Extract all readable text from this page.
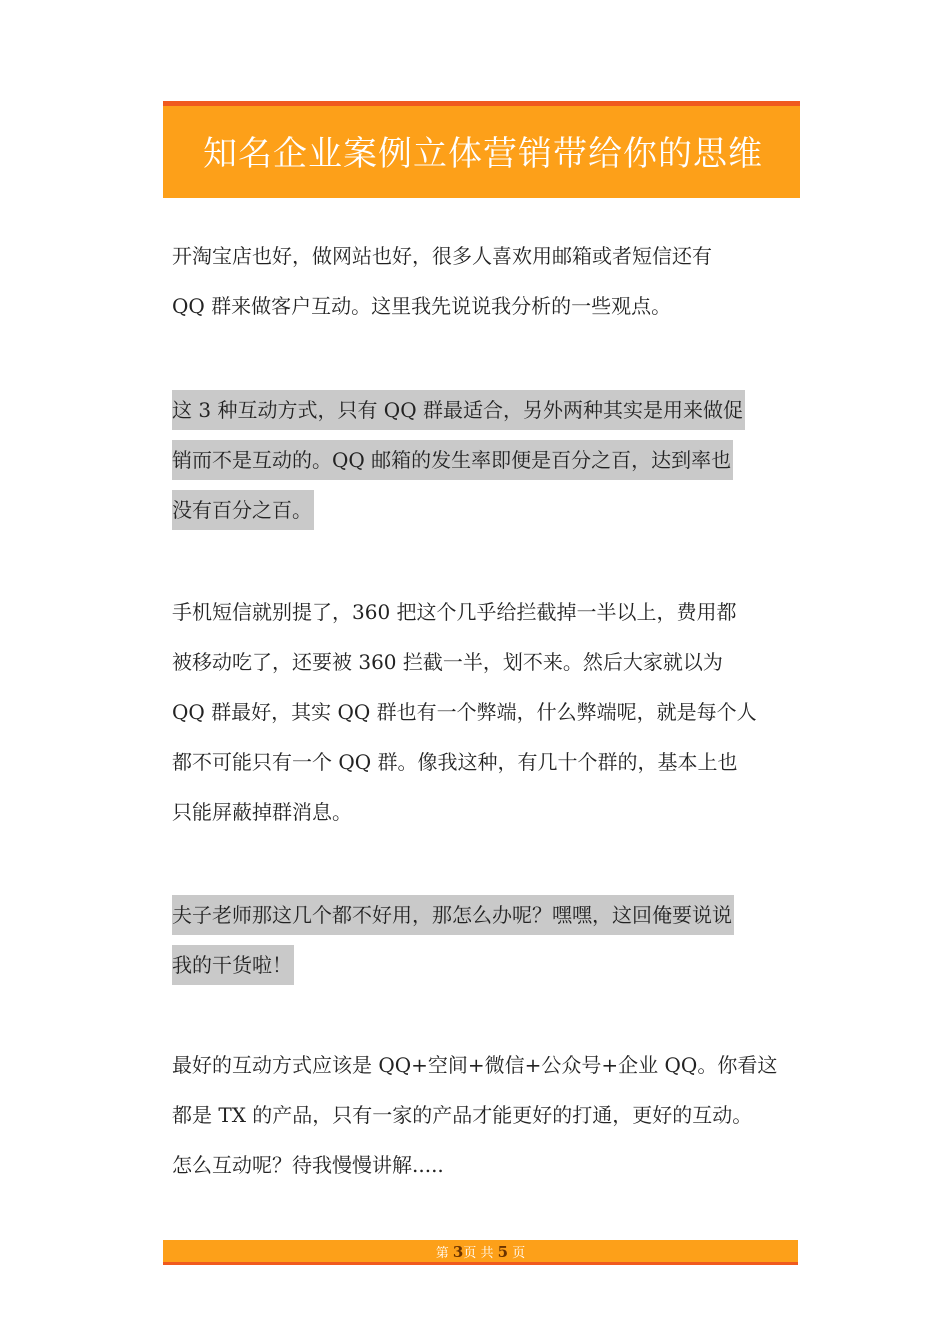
知名企业案例立体营销带给你的思维
开淘宝店也好，做网站也好，很多人喜欢用邮箱或者短信还有
QQ 群来做客户互动。这里我先说说我分析的一些观点。
这 3 种互动方式，只有 QQ 群最适合，另外两种其实是用来做促
销而不是互动的。QQ 邮箱的发生率即便是百分之百，达到率也
没有百分之百。
手机短信就别提了，360 把这个几乎给拦截掉一半以上，费用都
被移动吃了，还要被 360 拦截一半，划不来。然后大家就以为
QQ 群最好，其实 QQ 群也有一个弊端，什么弊端呢，就是每个人
都不可能只有一个 QQ 群。像我这种，有几十个群的，基本上也
只能屏蔽掉群消息。
夫子老师那这几个都不好用，那怎么办呢？嘿嘿，这回俺要说说
我的干货啦！
最好的互动方式应该是 QQ+空间+微信+公众号+企业 QQ。你看这
都是 TX 的产品，只有一家的产品才能更好的打通，更好的互动。
怎么互动呢？待我慢慢讲解.....
第 3页 共 5 页
